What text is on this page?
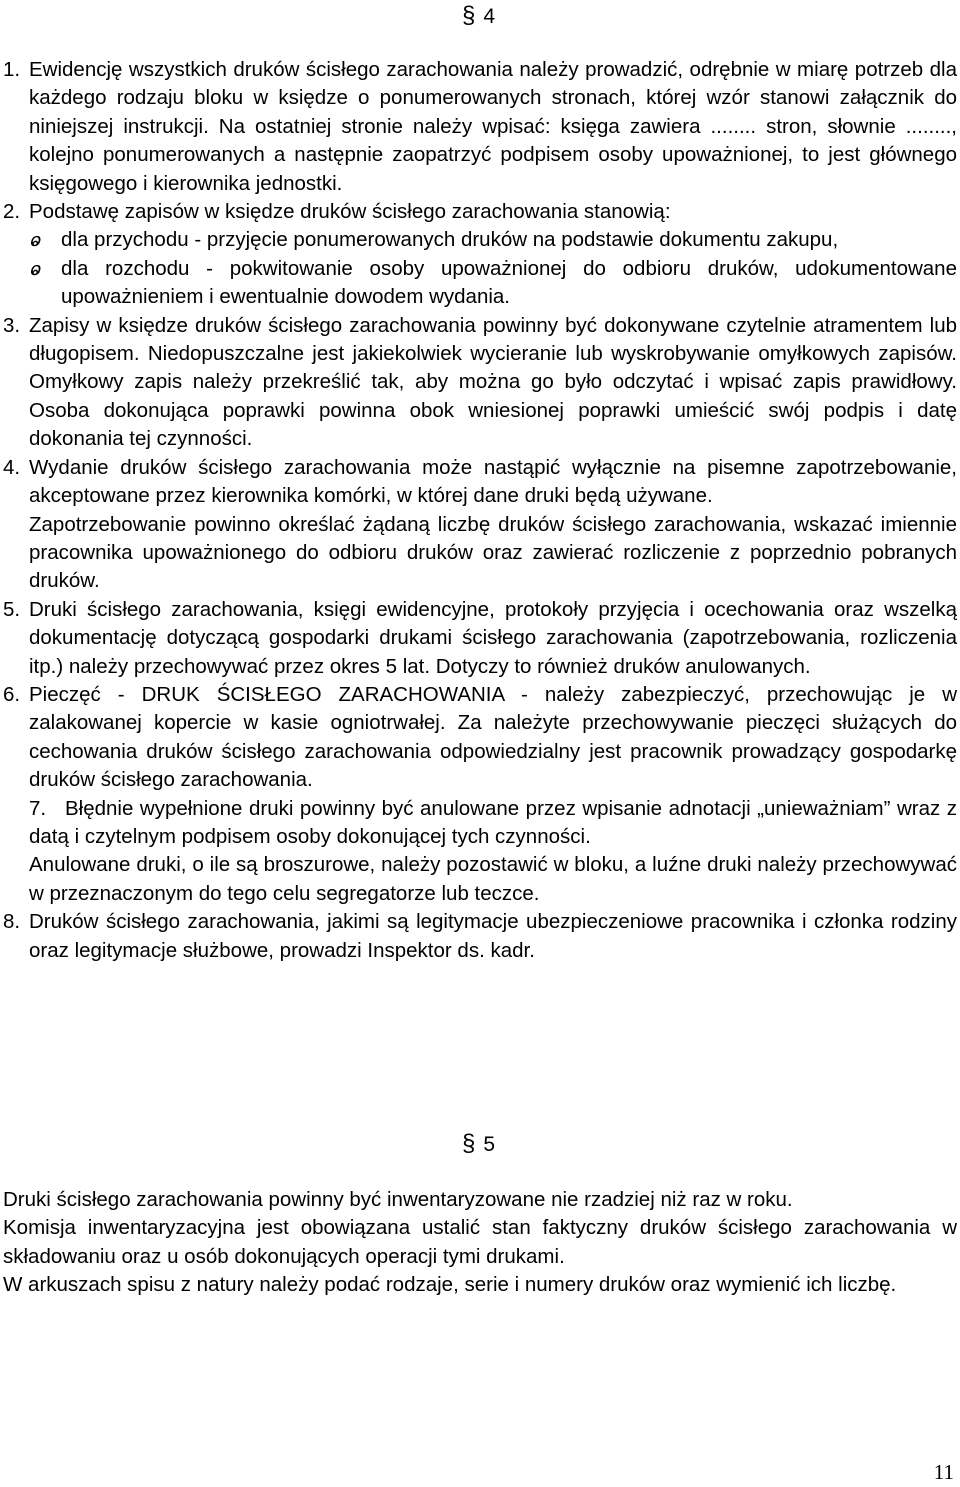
§ 4

1. Ewidencję wszystkich druków ścisłego zarachowania należy prowadzić, odrębnie w miarę potrzeb dla każdego rodzaju bloku w księdze o ponumerowanych stronach, której wzór stanowi załącznik do niniejszej instrukcji. Na ostatniej stronie należy wpisać: księga zawiera ........ stron, słownie ........, kolejno ponumerowanych a następnie zaopatrzyć podpisem osoby upoważnionej, to jest głównego księgowego i kierownika jednostki.

2. Podstawę zapisów w księdze druków ścisłego zarachowania stanowią:

ⱺ dla przychodu - przyjęcie ponumerowanych druków na podstawie dokumentu zakupu,

ⱺ dla rozchodu - pokwitowanie osoby upoważnionej do odbioru druków, udokumentowane upoważnieniem i ewentualnie dowodem wydania.

3. Zapisy w księdze druków ścisłego zarachowania powinny być dokonywane czytelnie atramentem lub długopisem. Niedopuszczalne jest jakiekolwiek wycieranie lub wyskrobywanie omyłkowych zapisów. Omyłkowy zapis należy przekreślić tak, aby można go było odczytać i wpisać zapis prawidłowy. Osoba dokonująca poprawki powinna obok wniesionej poprawki umieścić swój podpis i datę dokonania tej czynności.

4. Wydanie druków ścisłego zarachowania może nastąpić wyłącznie na pisemne zapotrzebowanie, akceptowane przez kierownika komórki, w której dane druki będą używane.

Zapotrzebowanie powinno określać żądaną liczbę druków ścisłego zarachowania, wskazać imiennie pracownika upoważnionego do odbioru druków oraz zawierać rozliczenie z poprzednio pobranych druków.

5. Druki ścisłego zarachowania, księgi ewidencyjne, protokoły przyjęcia i ocechowania oraz wszelką dokumentację dotyczącą gospodarki drukami ścisłego zarachowania (zapotrzebowania, rozliczenia itp.) należy przechowywać przez okres 5 lat. Dotyczy to również druków anulowanych.

6. Pieczęć - DRUK ŚCISŁEGO ZARACHOWANIA - należy zabezpieczyć, przechowując je w zalakowanej kopercie w kasie ogniotrwałej. Za należyte przechowywanie pieczęci służących do cechowania druków ścisłego zarachowania odpowiedzialny jest pracownik prowadzący gospodarkę druków ścisłego zarachowania.

7. Błędnie wypełnione druki powinny być anulowane przez wpisanie adnotacji „unieważniam” wraz z datą i czytelnym podpisem osoby dokonującej tych czynności.

Anulowane druki, o ile są broszurowe, należy pozostawić w bloku, a luźne druki należy przechowywać w przeznaczonym do tego celu segregatorze lub teczce.

8. Druków ścisłego zarachowania, jakimi są legitymacje ubezpieczeniowe pracownika i członka rodziny oraz legitymacje służbowe, prowadzi Inspektor ds. kadr.

§ 5

Druki ścisłego zarachowania powinny być inwentaryzowane nie rzadziej niż raz w roku.

Komisja inwentaryzacyjna jest obowiązana ustalić stan faktyczny druków ścisłego zarachowania w składowaniu oraz u osób dokonujących operacji tymi drukami.

W arkuszach spisu z natury należy podać rodzaje, serie i numery druków oraz wymienić ich liczbę.

11
